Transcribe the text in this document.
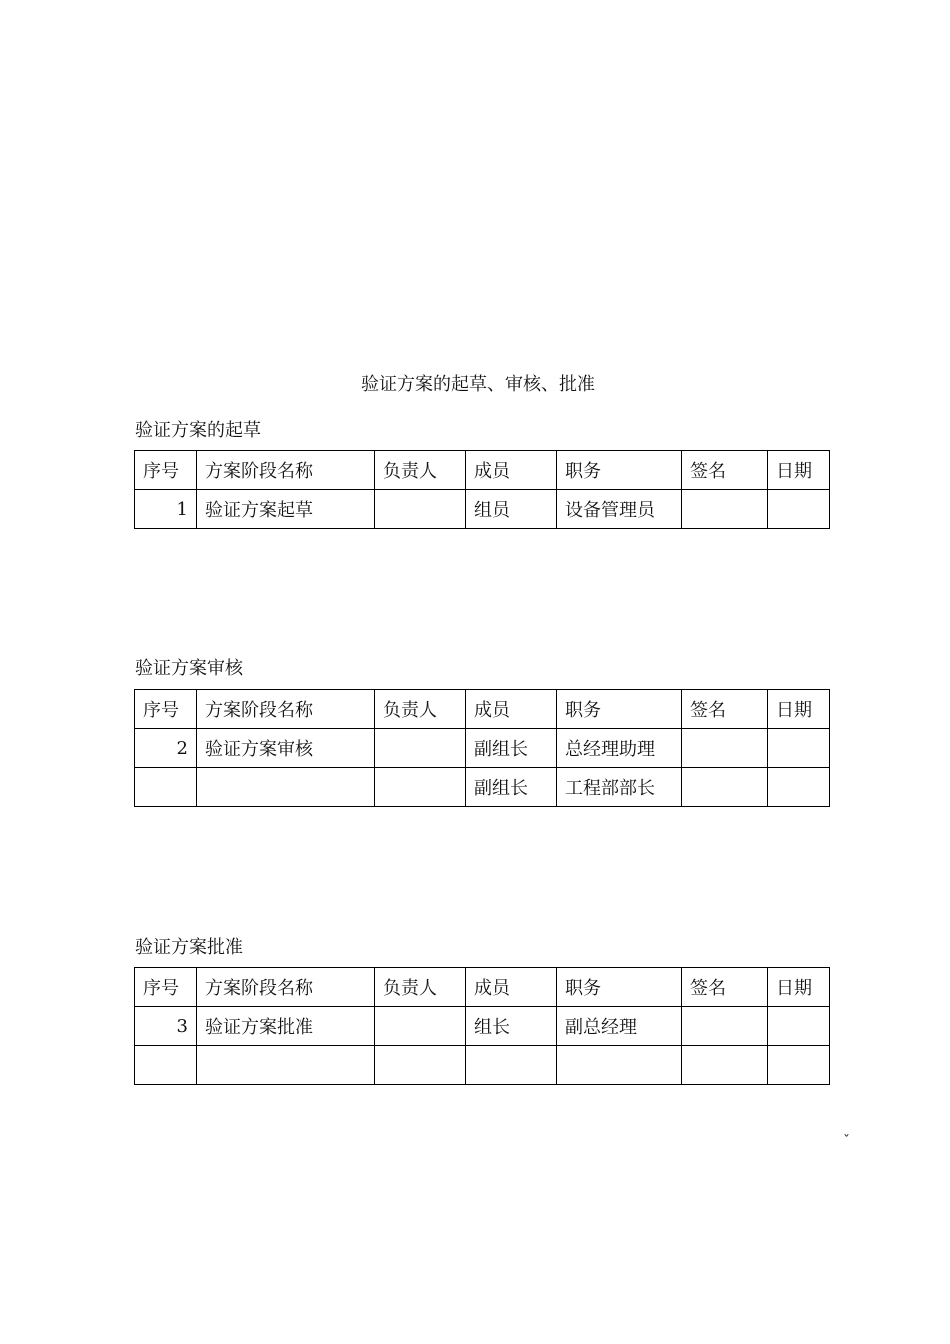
验证方案的起草、审核、批准
验证方案的起草
序号	方案阶段名称	负责人	成员	职务	签名	日期
1	验证方案起草		组员	设备管理员		
验证方案审核
序号	方案阶段名称	负责人	成员	职务	签名	日期
2	验证方案审核		副组长	总经理助理		
			副组长	工程部部长		
验证方案批准
序号	方案阶段名称	负责人	成员	职务	签名	日期
3	验证方案批准		组长	副总经理		

ˇ
